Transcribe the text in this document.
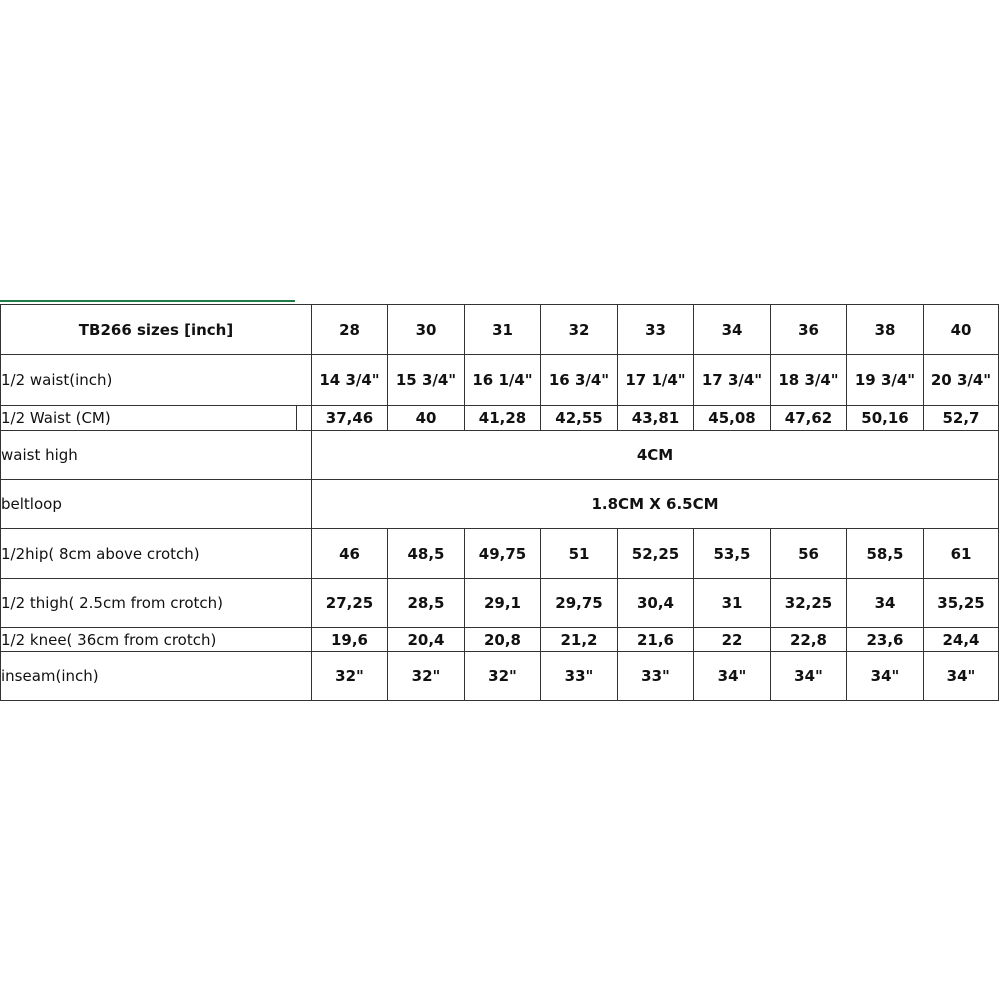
TB266 sizes [inch]	28	30	31	32	33	34	36	38	40
1/2 waist(inch)	14 3/4"	15 3/4"	16 1/4"	16 3/4"	17 1/4"	17 3/4"	18 3/4"	19 3/4"	20 3/4"

1/2 Waist (CM)	37,46	40	41,28	42,55	43,81	45,08	47,62	50,16	52,7
waist high	4CM								
beltloop	1.8CM X 6.5CM								
1/2hip( 8cm above crotch)	46	48,5	49,75	51	52,25	53,5	56	58,5	61
1/2 thigh( 2.5cm from crotch)	27,25	28,5	29,1	29,75	30,4	31	32,25	34	35,25
1/2 knee( 36cm from crotch)	19,6	20,4	20,8	21,2	21,6	22	22,8	23,6	24,4
inseam(inch)	32"	32"	32"	33"	33"	34"	34"	34"	34"
